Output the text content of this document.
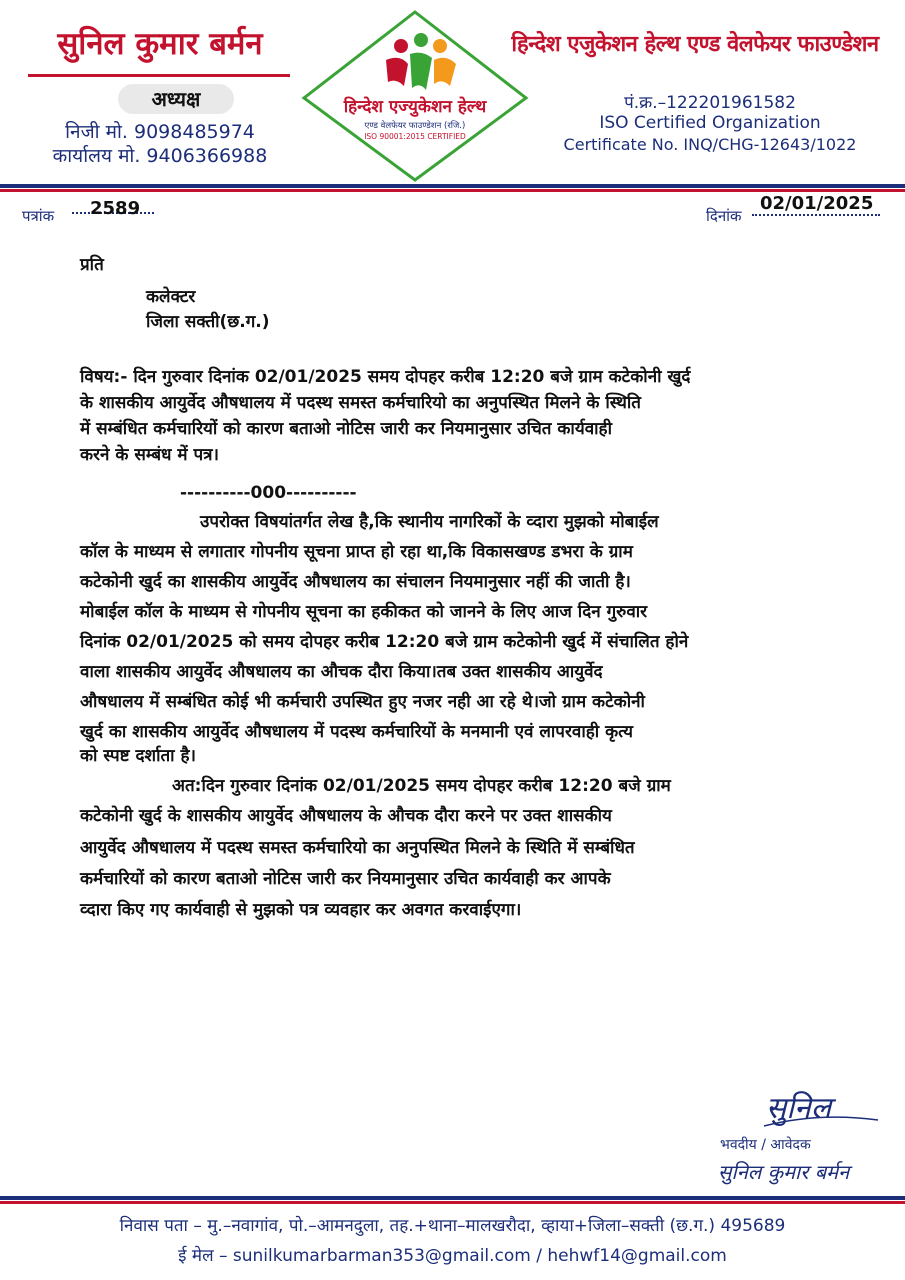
सुनिल कुमार बर्मन
अध्यक्ष
निजी मो. 9098485974
कार्यालय मो. 9406366988
हिन्देश एज्युकेशन हेल्थ
एण्ड वेलफेयर फाउण्डेशन (रजि.)
ISO 90001:2015 CERTIFIED
हिन्देश एजुकेशन हेल्थ एण्ड वेलफेयर फाउण्डेशन
पं.क्र.–122201961582
ISO Certified Organization
Certificate No. INQ/CHG-12643/1022
पत्रांक 2589	दिनांक
02/01/2025
प्रति
कलेक्टर
जिला सक्ती(छ.ग.)
विषय:- दिन गुरुवार दिनांक 02/01/2025 समय दोपहर करीब 12:20 बजे ग्राम कटेकोनी खुर्द
के शासकीय आयुर्वेद औषधालय में पदस्थ समस्त कर्मचारियो का अनुपस्थित मिलने के स्थिति
में सम्बंधित कर्मचारियों को कारण बताओ नोटिस जारी कर नियमानुसार उचित कार्यवाही
करने के सम्बंध में पत्र।
----------000----------
उपरोक्त विषयांतर्गत लेख है,कि स्थानीय नागरिकों के व्दारा मुझको मोबाईल
कॉल के माध्यम से लगातार गोपनीय सूचना प्राप्त हो रहा था,कि विकासखण्ड डभरा के ग्राम
कटेकोनी खुर्द का शासकीय आयुर्वेद औषधालय का संचालन नियमानुसार नहीं की जाती है।
मोबाईल कॉल के माध्यम से गोपनीय सूचना का हकीकत को जानने के लिए आज दिन गुरुवार
दिनांक 02/01/2025 को समय दोपहर करीब 12:20 बजे ग्राम कटेकोनी खुर्द में संचालित होने
वाला शासकीय आयुर्वेद औषधालय का औचक दौरा किया।तब उक्त शासकीय आयुर्वेद
औषधालय में सम्बंधित कोई भी कर्मचारी उपस्थित हुए नजर नही आ रहे थे।जो ग्राम कटेकोनी
खुर्द का शासकीय आयुर्वेद औषधालय में पदस्थ कर्मचारियों के मनमानी एवं लापरवाही कृत्य
को स्पष्ट दर्शाता है।
अत:दिन गुरुवार दिनांक 02/01/2025 समय दोपहर करीब 12:20 बजे ग्राम
कटेकोनी खुर्द के शासकीय आयुर्वेद औषधालय के औचक दौरा करने पर उक्त शासकीय
आयुर्वेद औषधालय में पदस्थ समस्त कर्मचारियो का अनुपस्थित मिलने के स्थिति में सम्बंधित
कर्मचारियों को कारण बताओ नोटिस जारी कर नियमानुसार उचित कार्यवाही कर आपके
व्दारा किए गए कार्यवाही से मुझको पत्र व्यवहार कर अवगत करवाईएगा।
सुनिल
भवदीय / आवेदक
सुनिल कुमार बर्मन
निवास पता – मु.–नवागांव, पो.–आमनदुला, तह.+थाना–मालखरौदा, व्हाया+जिला–सक्ती (छ.ग.) 495689
ई मेल – sunilkumarbarman353@gmail.com / hehwf14@gmail.com
